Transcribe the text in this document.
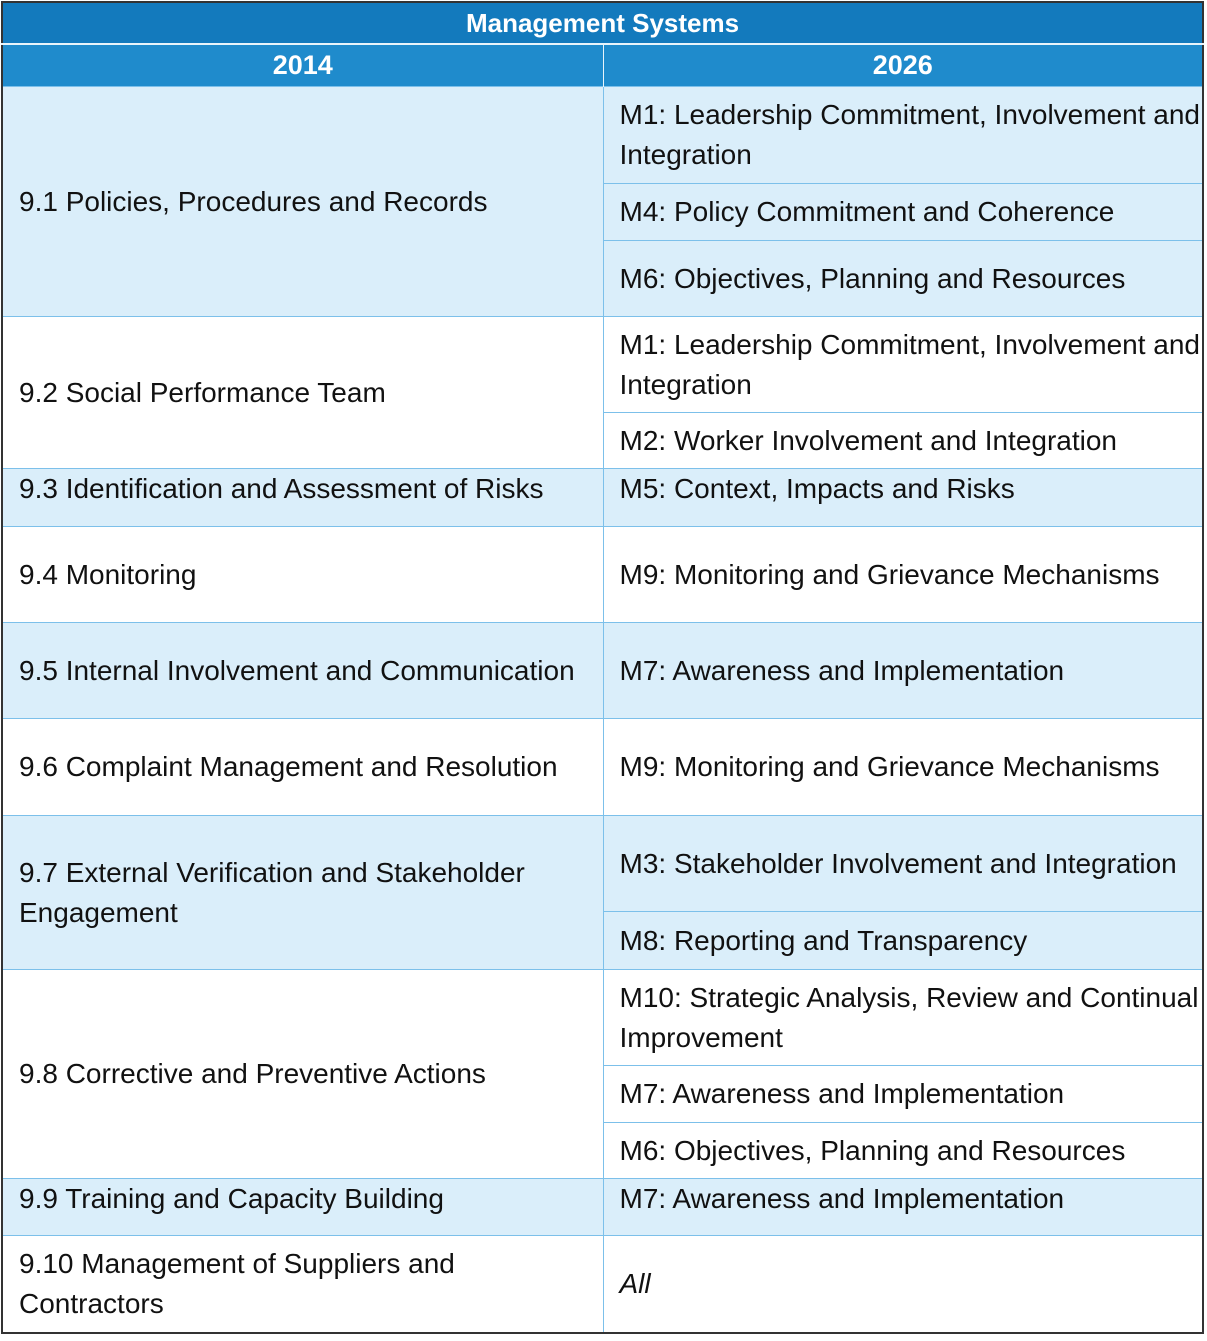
Management Systems	
2014	2026
9.1 Policies, Procedures and Records	M1: Leadership Commitment, Involvement and Integration
	M4: Policy Commitment and Coherence
	M6: Objectives, Planning and Resources
9.2 Social Performance Team	M1: Leadership Commitment, Involvement and Integration
	M2: Worker Involvement and Integration
9.3 Identification and Assessment of Risks	M5: Context, Impacts and Risks
9.4 Monitoring	M9: Monitoring and Grievance Mechanisms
9.5 Internal Involvement and Communication	M7: Awareness and Implementation
9.6 Complaint Management and Resolution	M9: Monitoring and Grievance Mechanisms
9.7 External Verification and Stakeholder Engagement	M3: Stakeholder Involvement and Integration
	M8: Reporting and Transparency
9.8 Corrective and Preventive Actions	M10: Strategic Analysis, Review and Continual Improvement
	M7: Awareness and Implementation
	M6: Objectives, Planning and Resources
9.9 Training and Capacity Building	M7: Awareness and Implementation
9.10 Management of Suppliers and Contractors	All
